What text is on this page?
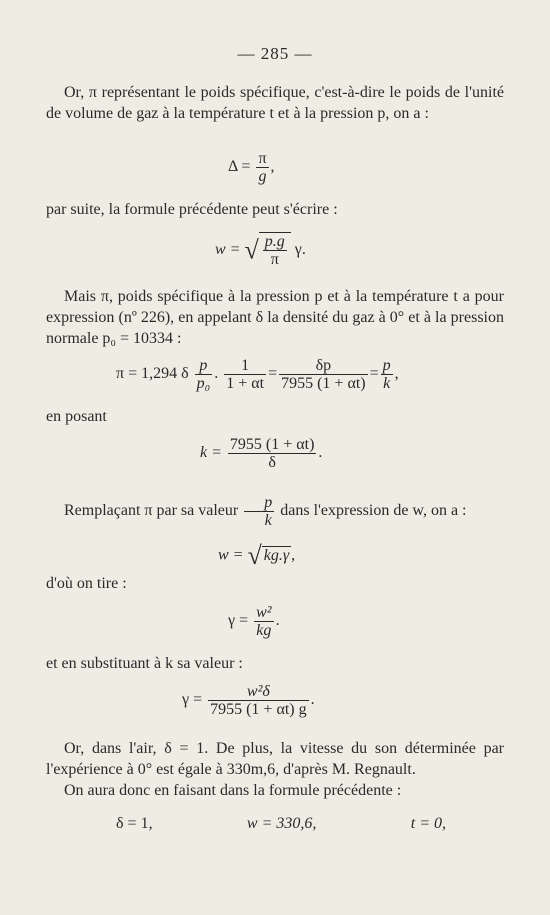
— 285 —

Or, π représentant le poids spécifique, c'est-à-dire le poids de l'unité de volume de gaz à la température t et à la pression p, on a :

$\Delta = \frac{\pi}{g}$ ,

par suite, la formule précédente peut s'écrire :

w = √ $\frac{p.g}{\pi} \gamma$.

Mais π, poids spécifique à la pression p et à la température t a pour expression (nº 226), en appelant δ la densité du gaz à 0° et à la pression normale p₀ = 10334 :

π = 1,294 δ $\frac{p}{\text{p₀}}$ . $\frac{1}{1 + \alpha t} = \frac{\delta p}{7955 (1 + \alpha t)} = \frac{p}{k}$ ,

en posant

$k = \frac{7955 (1 + \alpha t)}{\delta}$ .
Remplaçant π par sa valeur $\frac{p}{k}$ dans l'expression de w, on a :
w = √ kg.γ ,

d'où on tire :

$\gamma = \frac{\text{w²}}{kg}$ .

et en substituant à k sa valeur :

$\gamma = \frac{\text{w²δ}}{7955 (1 + \alpha t) g}$ .

Or, dans l'air, δ = 1. De plus, la vitesse du son déterminée par l'expérience à 0° est égale à 330m,6, d'après M. Regnault.

On aura donc en faisant dans la formule précédente :

δ = 1,	w = 330,6,	t = 0,
